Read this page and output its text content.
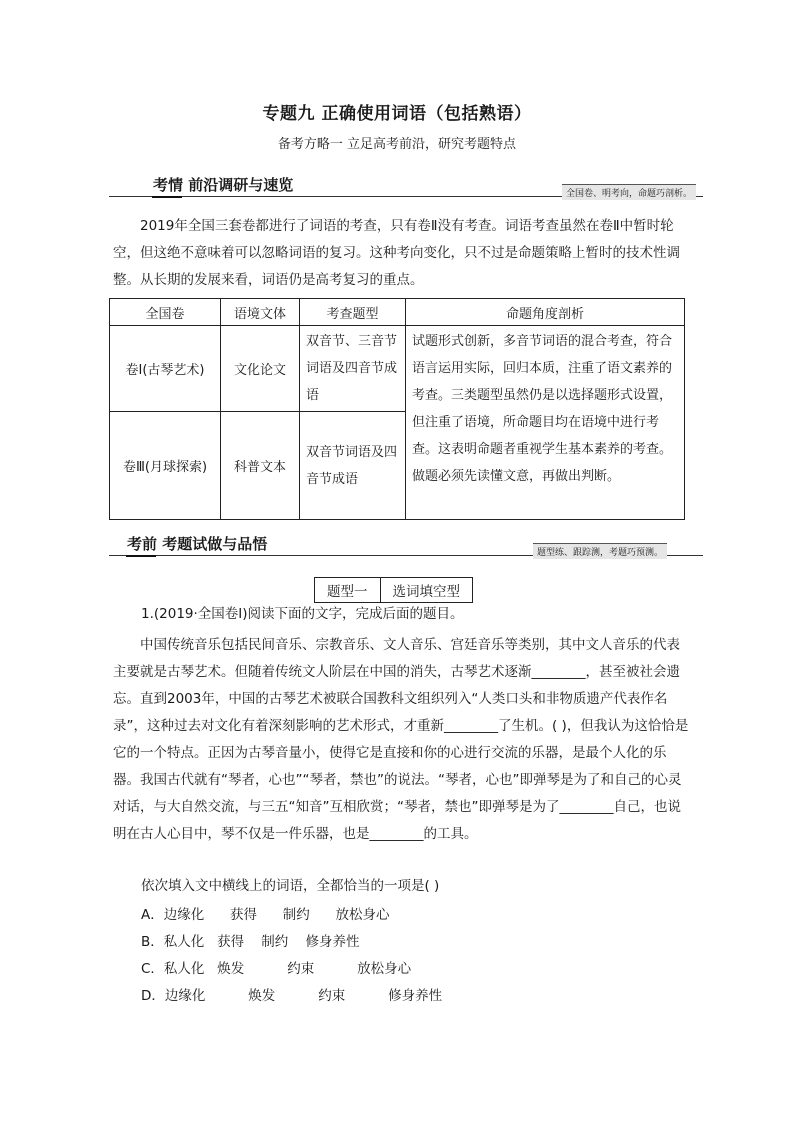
专题九 正确使用词语（包括熟语）
备考方略一 立足高考前沿，研究考题特点
考情 前沿调研与速览	全国卷、明考向，命题巧剖析。

2019年全国三套卷都进行了词语的考查，只有卷Ⅱ没有考查。词语考查虽然在卷Ⅱ中暂时轮空，但这绝不意味着可以忽略词语的复习。这种考向变化，只不过是命题策略上暂时的技术性调整。从长期的发展来看，词语仍是高考复习的重点。

全国卷	语境文体	考查题型	命题角度剖析
卷Ⅰ(古琴艺术)	文化论文	双音节、三音节词语及四音节成语	试题形式创新，多音节词语的混合考查，符合语言运用实际，回归本质，注重了语文素养的考查。三类题型虽然仍是以选择题形式设置，但注重了语境，所命题目均在语境中进行考查。这表明命题者重视学生基本素养的考查。做题必须先读懂文意，再做出判断。
卷Ⅲ(月球探索)	科普文本	双音节词语及四音节成语	
考前 考题试做与品悟	题型练、跟踪测，考题巧预测。
题型一	选词填空型

1.(2019·全国卷Ⅰ)阅读下面的文字，完成后面的题目。

中国传统音乐包括民间音乐、宗教音乐、文人音乐、宫廷音乐等类别，其中文人音乐的代表主要就是古琴艺术。但随着传统文人阶层在中国的消失，古琴艺术逐渐________，甚至被社会遗忘。直到2003年，中国的古琴艺术被联合国教科文组织列入“人类口头和非物质遗产代表作名录”，这种过去对文化有着深刻影响的艺术形式，才重新________了生机。( )，但我认为这恰恰是它的一个特点。正因为古琴音量小，使得它是直接和你的心进行交流的乐器，是最个人化的乐器。我国古代就有“琴者，心也”“琴者，禁也”的说法。“琴者，心也”即弹琴是为了和自己的心灵对话，与大自然交流，与三五“知音”互相欣赏；“琴者，禁也”即弹琴是为了________自己，也说明在古人心目中，琴不仅是一件乐器，也是________的工具。

依次填入文中横线上的词语，全都恰当的一项是( )

A．边缘化      获得      制约      放松身心
B．私人化   获得    制约    修身养性
C．私人化   焕发          约束          放松身心
D．边缘化          焕发          约束          修身养性
